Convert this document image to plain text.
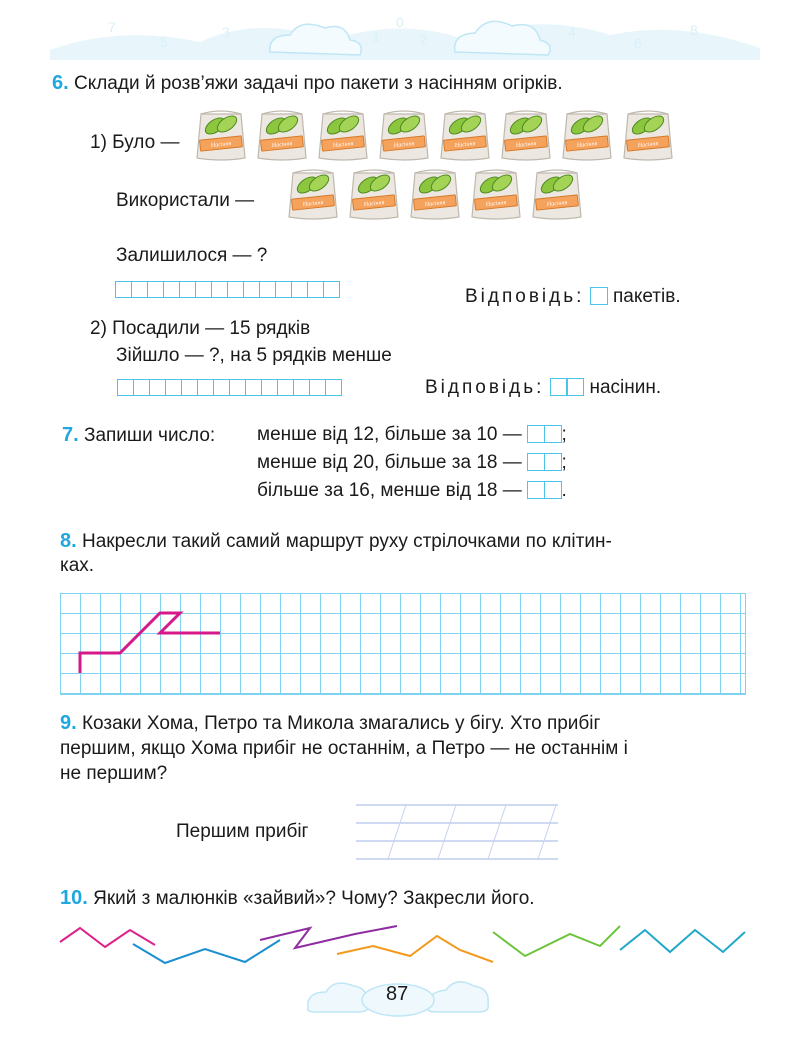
7
5
3	1
0
2	4
6
8
6. Склади й розв’яжи задачі про пакети з насінням огірків.
1) Було —	Насіння	Насіння	Насіння	Насіння	Насіння	Насіння	Насіння	Насіння
Використали —	Насіння	Насіння	Насіння	Насіння	Насіння
Залишилося — ?
Відповідь: пакетів.
2) Посадили — 15 рядків
Зійшло — ?, на 5 рядків менше
Відповідь: насінин.
7. Запиши число: менше від 12, більше за 10 — ;
менше від 20, більше за 18 — ;
більше за 16, менше від 18 — .
8. Накресли такий самий маршрут руху стрілочками по клітин-
ках.
9. Козаки Хома, Петро та Микола змагались у бігу. Хто прибіг
першим, якщо Хома прибіг не останнім, а Петро — не останнім і
не першим?
Першим прибіг
10. Який з малюнків «зайвий»? Чому? Закресли його.
87
